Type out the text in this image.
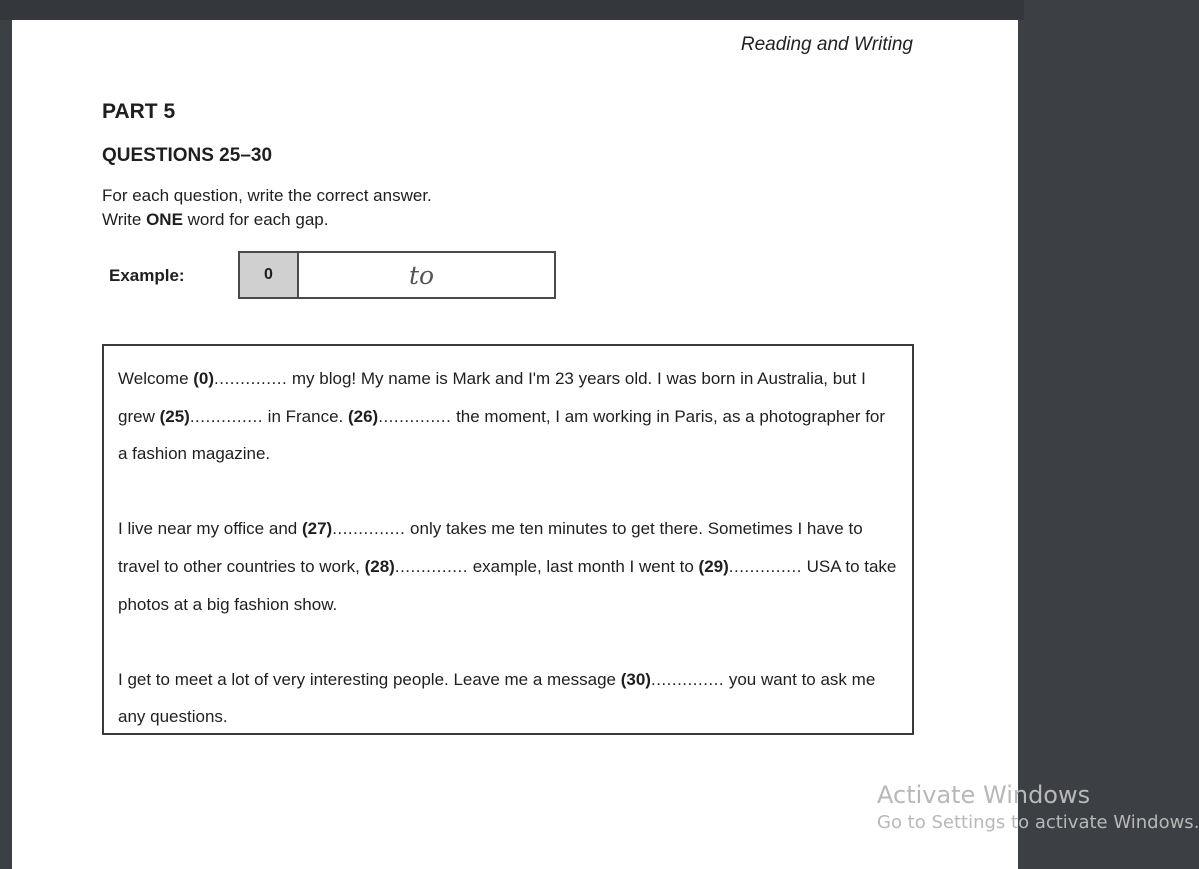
Reading and Writing
PART 5
QUESTIONS 25–30
For each question, write the correct answer.
Write ONE word for each gap.
Example:	0	to

Welcome (0).............. my blog! My name is Mark and I'm 23 years old. I was born in Australia, but I grew (25).............. in France. (26).............. the moment, I am working in Paris, as a photographer for a fashion magazine.

I live near my office and (27).............. only takes me ten minutes to get there. Sometimes I have to travel to other countries to work, (28).............. example, last month I went to (29).............. USA to take photos at a big fashion show.

I get to meet a lot of very interesting people. Leave me a message (30).............. you want to ask me any questions.

Activate Windows
Go to Settings to activate Windows.
